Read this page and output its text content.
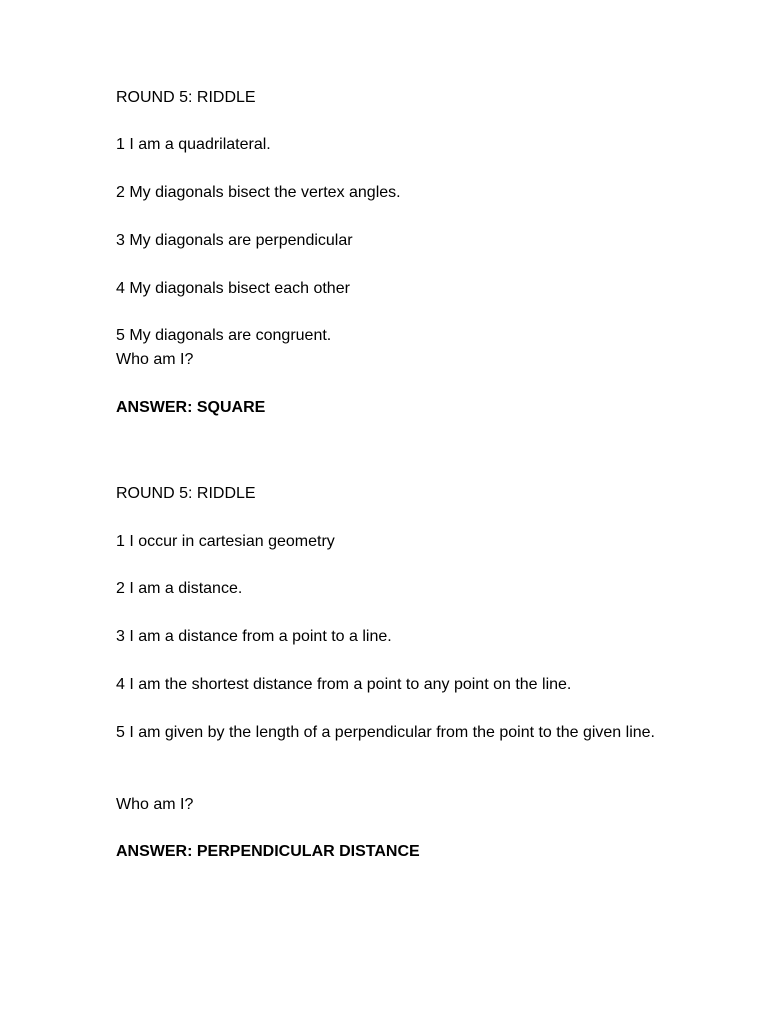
ROUND 5: RIDDLE
1 I am a quadrilateral.
2 My diagonals bisect the vertex angles.
3 My diagonals are perpendicular
4 My diagonals bisect each other
5 My diagonals are congruent.
Who am I?
ANSWER: SQUARE
ROUND 5: RIDDLE
1 I occur in cartesian geometry
2 I am a distance.
3 I am a distance from a point to a line.
4 I am the shortest distance from a point to any point on the line.
5 I am given by the length of a perpendicular from the point to the given line.
Who am I?
ANSWER: PERPENDICULAR DISTANCE
